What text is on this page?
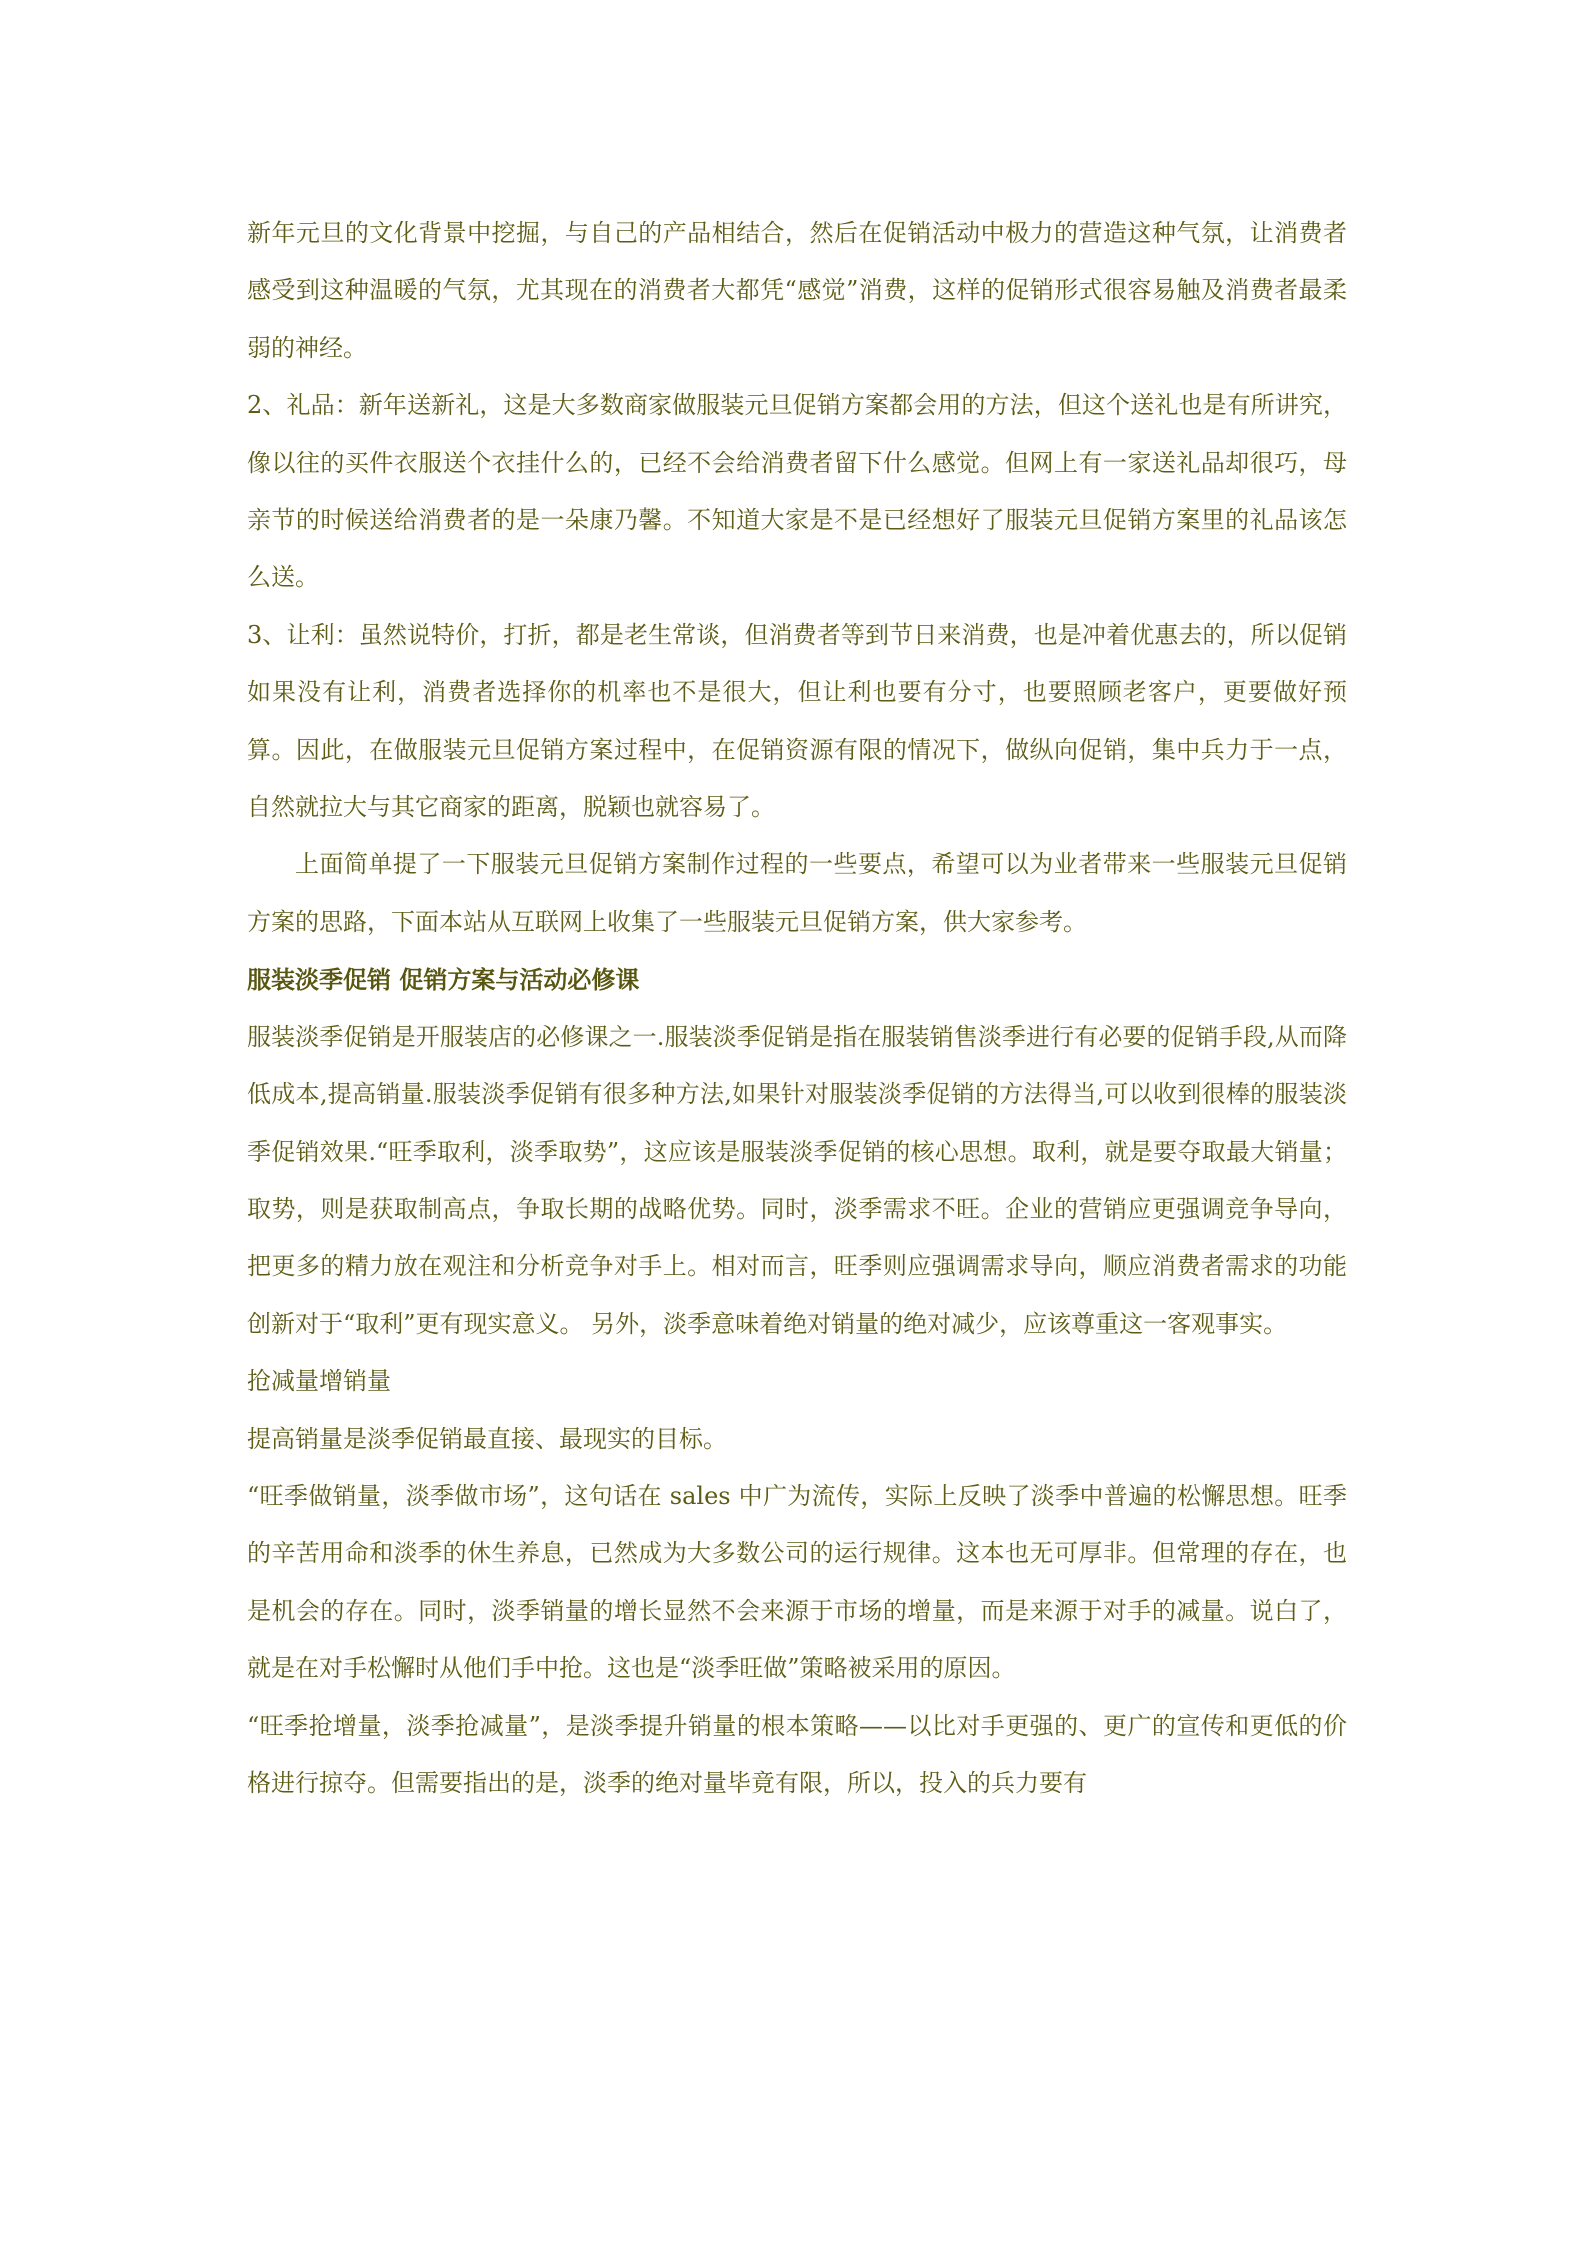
新年元旦的文化背景中挖掘，与自己的产品相结合，然后在促销活动中极力的营造这种气氛，让消费者感受到这种温暖的气氛，尤其现在的消费者大都凭“感觉”消费，这样的促销形式很容易触及消费者最柔弱的神经。

2、礼品：新年送新礼，这是大多数商家做服装元旦促销方案都会用的方法，但这个送礼也是有所讲究，像以往的买件衣服送个衣挂什么的，已经不会给消费者留下什么感觉。但网上有一家送礼品却很巧，母亲节的时候送给消费者的是一朵康乃馨。不知道大家是不是已经想好了服装元旦促销方案里的礼品该怎么送。

3、让利：虽然说特价，打折，都是老生常谈，但消费者等到节日来消费，也是冲着优惠去的，所以促销如果没有让利，消费者选择你的机率也不是很大，但让利也要有分寸，也要照顾老客户，更要做好预算。因此，在做服装元旦促销方案过程中，在促销资源有限的情况下，做纵向促销，集中兵力于一点，自然就拉大与其它商家的距离，脱颖也就容易了。

上面简单提了一下服装元旦促销方案制作过程的一些要点，希望可以为业者带来一些服装元旦促销方案的思路，下面本站从互联网上收集了一些服装元旦促销方案，供大家参考。

服装淡季促销 促销方案与活动必修课

服装淡季促销是开服装店的必修课之一.服装淡季促销是指在服装销售淡季进行有必要的促销手段,从而降低成本,提高销量.服装淡季促销有很多种方法,如果针对服装淡季促销的方法得当,可以收到很棒的服装淡季促销效果.“旺季取利，淡季取势”，这应该是服装淡季促销的核心思想。取利，就是要夺取最大销量；取势，则是获取制高点，争取长期的战略优势。同时，淡季需求不旺。企业的营销应更强调竞争导向，把更多的精力放在观注和分析竞争对手上。相对而言，旺季则应强调需求导向，顺应消费者需求的功能创新对于“取利”更有现实意义。 另外，淡季意味着绝对销量的绝对减少，应该尊重这一客观事实。

抢减量增销量

提高销量是淡季促销最直接、最现实的目标。

“旺季做销量，淡季做市场”，这句话在 sales 中广为流传，实际上反映了淡季中普遍的松懈思想。旺季的辛苦用命和淡季的休生养息，已然成为大多数公司的运行规律。这本也无可厚非。但常理的存在，也是机会的存在。同时，淡季销量的增长显然不会来源于市场的增量，而是来源于对手的减量。说白了，就是在对手松懈时从他们手中抢。这也是“淡季旺做”策略被采用的原因。

“旺季抢增量，淡季抢减量”，是淡季提升销量的根本策略——以比对手更强的、更广的宣传和更低的价格进行掠夺。但需要指出的是，淡季的绝对量毕竟有限，所以，投入的兵力要有
